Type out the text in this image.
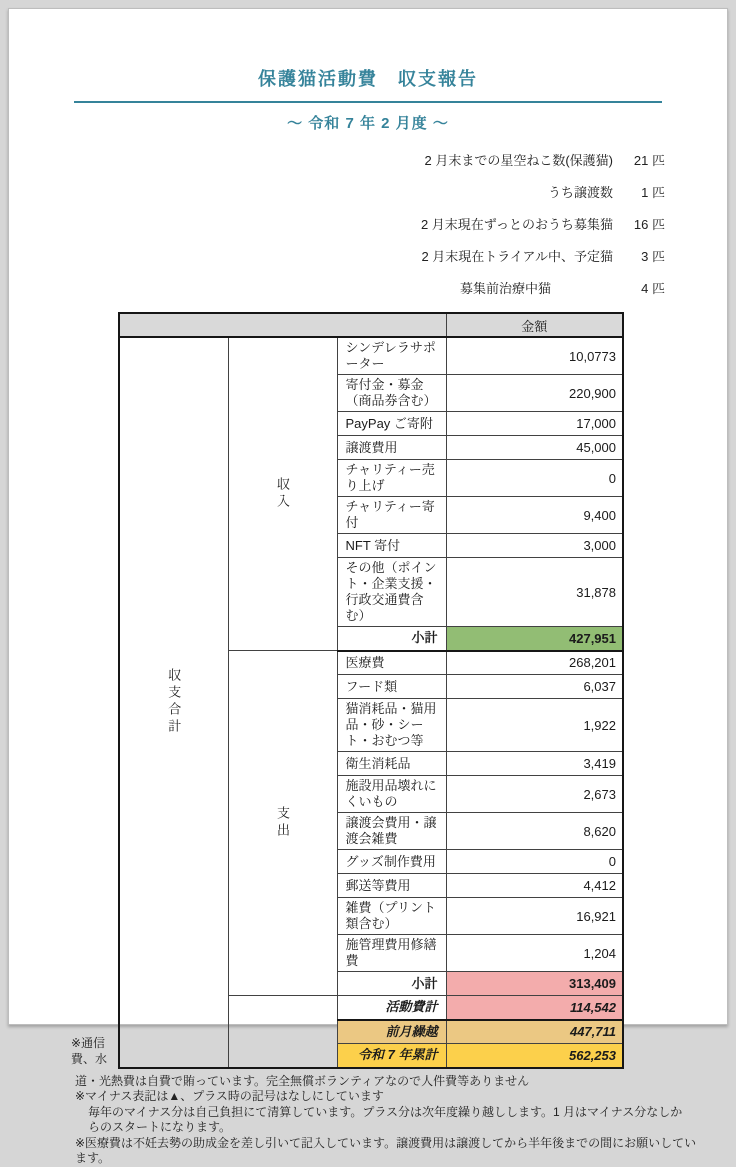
保護猫活動費　収支報告
～ 令和 7 年 2 月度 ～
2 月末までの星空ねこ数(保護猫)	21 匹
うち譲渡数	1 匹
2 月末現在ずっとのおうち募集猫	16 匹
2 月末現在トライアル中、予定猫	3 匹
募集前治療中猫	4 匹
※通信費、水
			金額
収支合計	収入	シンデレラサポーター	10,0773
		寄付金・募金（商品券含む）	220,900
		PayPay ご寄附	17,000
		譲渡費用	45,000
		チャリティー売り上げ	0
		チャリティー寄付	9,400
		NFT 寄付	3,000
		その他（ポイント・企業支援・行政交通費含む）	31,878
		小計	427,951
	支出	医療費	268,201
		フード類	6,037
		猫消耗品・猫用品・砂・シート・おむつ等	1,922
		衛生消耗品	3,419
		施設用品壊れにくいもの	2,673
		譲渡会費用・譲渡会雑費	8,620
		グッズ制作費用	0
		郵送等費用	4,412
		雑費（プリント類含む）	16,921
		施管理費用修繕費	1,204
		小計	313,409
		活動費計	114,542
		前月繰越	447,711
		令和 7 年累計	562,253
道・光熱費は自費で賄っています。完全無償ボランティアなので人件費等ありません
※マイナス表記は▲、プラス時の記号はなしにしています
毎年のマイナス分は自己負担にて清算しています。プラス分は次年度繰り越しします。1 月はマイナス分なしか
らのスタートになります。
※医療費は不妊去勢の助成金を差し引いて記入しています。譲渡費用は譲渡してから半年後までの間にお願いしています。
